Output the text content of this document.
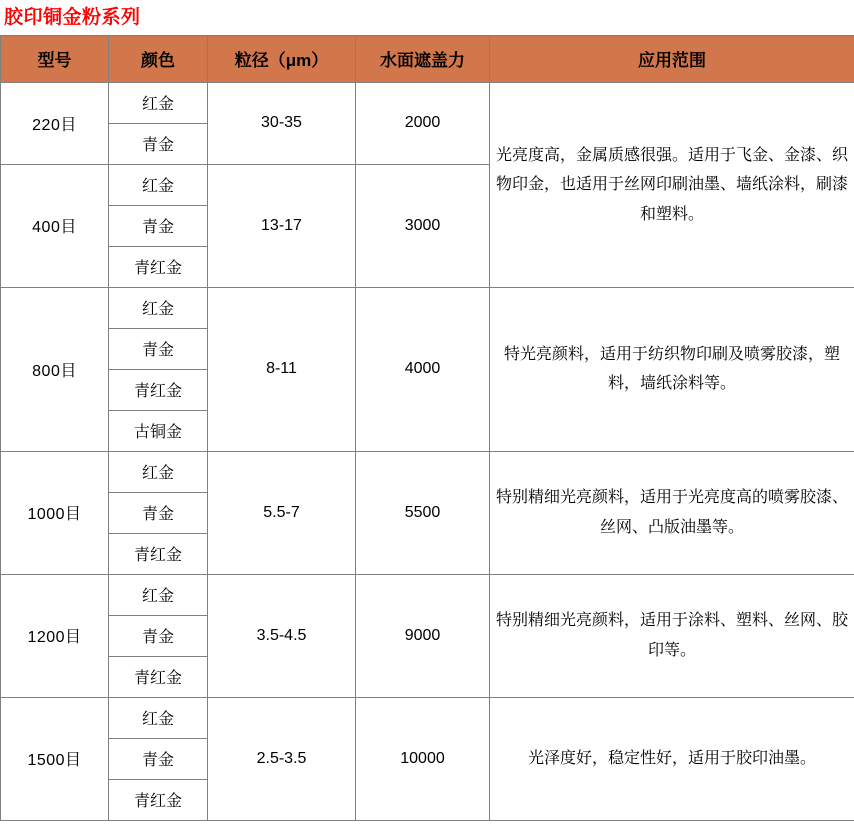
胶印铜金粉系列
型号	颜色	粒径（μm）	水面遮盖力	应用范围
220目	红金	30-35	2000	光亮度高，金属质感很强。适用于飞金、金漆、织物印金，也适用于丝网印刷油墨、墙纸涂料，刷漆和塑料。
	青金			
400目	红金	13-17	3000	
	青金			
	青红金			
800目	红金	8-11	4000	特光亮颜料，适用于纺织物印刷及喷雾胶漆，塑料，墙纸涂料等。
	青金			
	青红金			
	古铜金			
1000目	红金	5.5-7	5500	特别精细光亮颜料，适用于光亮度高的喷雾胶漆、丝网、凸版油墨等。
	青金			
	青红金			
1200目	红金	3.5-4.5	9000	特别精细光亮颜料，适用于涂料、塑料、丝网、胶印等。
	青金			
	青红金			
1500目	红金	2.5-3.5	10000	光泽度好，稳定性好，适用于胶印油墨。
	青金			
	青红金			
